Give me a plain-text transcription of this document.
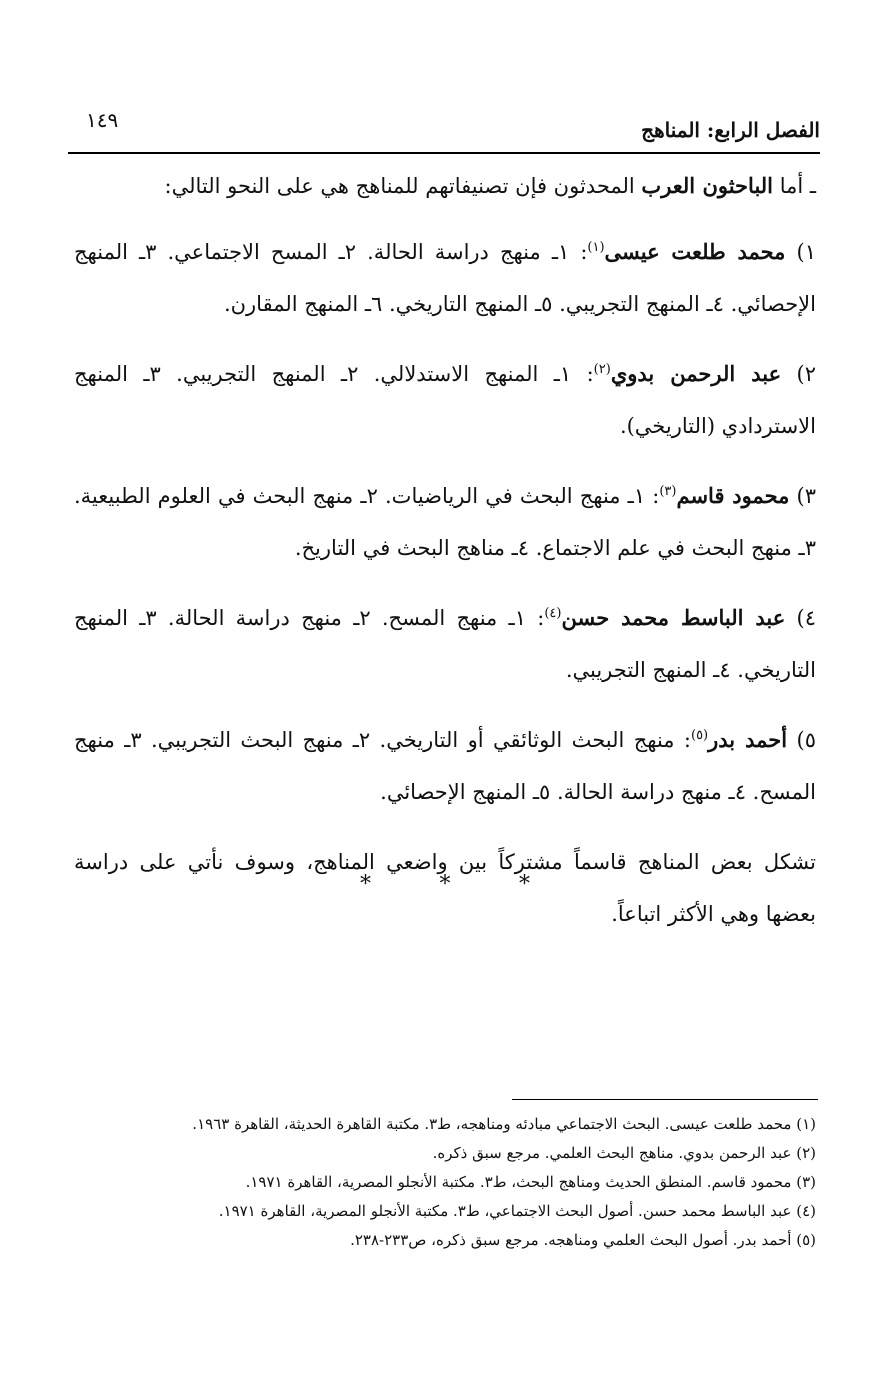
١٤٩	الفصل الرابع: المناهج

ـ أما الباحثون العرب المحدثون فإن تصنيفاتهم للمناهج هي على النحو التالي:

١) محمد طلعت عيسى$^{(١)}$: ١ـ منهج دراسة الحالة. ٢ـ المسح الاجتماعي. ٣ـ المنهج الإحصائي. ٤ـ المنهج التجريبي. ٥ـ المنهج التاريخي. ٦ـ المنهج المقارن.

٢) عبد الرحمن بدوي$^{(٢)}$: ١ـ المنهج الاستدلالي. ٢ـ المنهج التجريبي. ٣ـ المنهج الاستردادي (التاريخي).

٣) محمود قاسم$^{(٣)}$: ١ـ منهج البحث في الرياضيات. ٢ـ منهج البحث في العلوم الطبيعية. ٣ـ منهج البحث في علم الاجتماع. ٤ـ مناهج البحث في التاريخ.

٤) عبد الباسط محمد حسن$^{(٤)}$: ١ـ منهج المسح. ٢ـ منهج دراسة الحالة. ٣ـ المنهج التاريخي. ٤ـ المنهج التجريبي.

٥) أحمد بدر$^{(٥)}$: منهج البحث الوثائقي أو التاريخي. ٢ـ منهج البحث التجريبي. ٣ـ منهج المسح. ٤ـ منهج دراسة الحالة. ٥ـ المنهج الإحصائي.

تشكل بعض المناهج قاسماً مشتركاً بين واضعي المناهج، وسوف نأتي على دراسة بعضها وهي الأكثر اتباعاً.

*	*	*
(١) محمد طلعت عيسى. البحث الاجتماعي مبادئه ومناهجه، ط٣. مكتبة القاهرة الحديثة، القاهرة ١٩٦٣.
(٢) عبد الرحمن بدوي. مناهج البحث العلمي. مرجع سبق ذكره.
(٣) محمود قاسم. المنطق الحديث ومناهج البحث، ط٣. مكتبة الأنجلو المصرية، القاهرة ١٩٧١.
(٤) عبد الباسط محمد حسن. أصول البحث الاجتماعي، ط٣. مكتبة الأنجلو المصرية، القاهرة ١٩٧١.
(٥) أحمد بدر. أصول البحث العلمي ومناهجه. مرجع سبق ذكره، ص٢٣٣-٢٣٨.
